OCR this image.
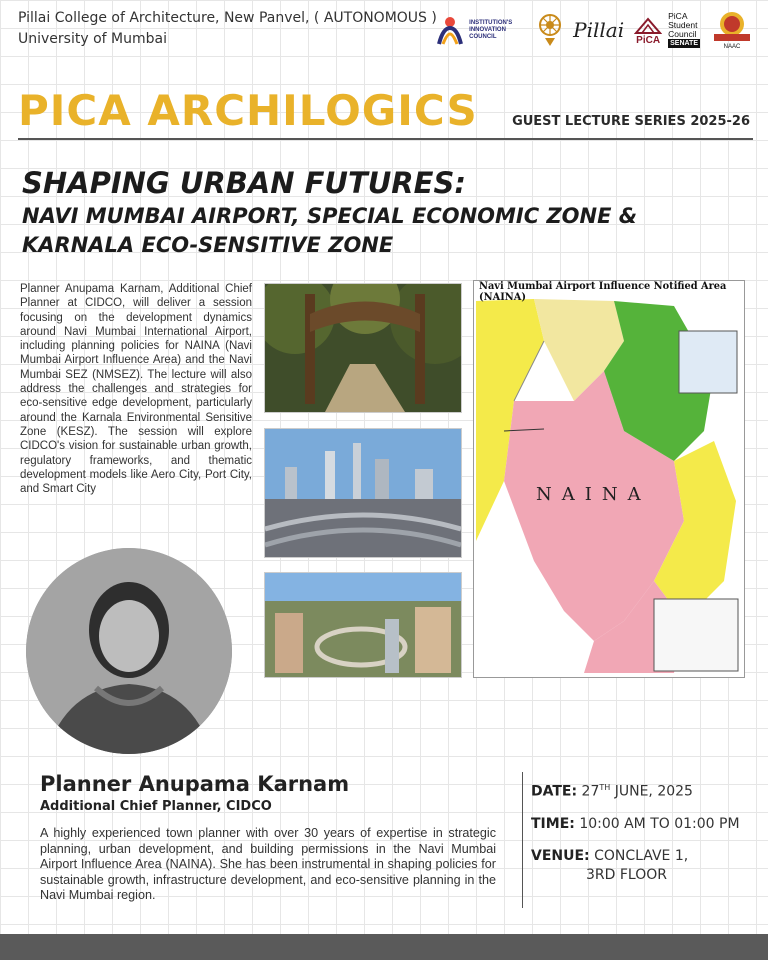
Pillai College of Architecture, New Panvel, ( AUTONOMOUS )
University of Mumbai
INSTITUTION'S INNOVATION COUNCIL	Pillai PiCA
PiCA
Student
Council
SENATE	NAAC
PICA ARCHILOGICS	GUEST LECTURE SERIES 2025-26
SHAPING URBAN FUTURES:
NAVI MUMBAI AIRPORT, SPECIAL ECONOMIC ZONE &
KARNALA ECO-SENSITIVE ZONE
Planner Anupama Karnam, Additional Chief Planner at CIDCO, will deliver a session focusing on the development dynamics around Navi Mumbai International Airport, including planning policies for NAINA (Navi Mumbai Airport Influence Area) and the Navi Mumbai SEZ (NMSEZ). The lecture will also address the challenges and strategies for eco-sensitive edge development, particularly around the Karnala Environmental Sensitive Zone (KESZ). The session will explore CIDCO's vision for sustainable urban growth, regulatory frameworks, and thematic development models like Aero City, Port City, and Smart City
Navi Mumbai Airport Influence Notified Area (NAINA)
NAINA
Planner Anupama Karnam
Additional Chief Planner, CIDCO
A highly experienced town planner with over 30 years of expertise in strategic planning, urban development, and building permissions in the Navi Mumbai Airport Influence Area (NAINA). She has been instrumental in shaping policies for sustainable growth, infrastructure development, and eco-sensitive planning in the Navi Mumbai region.
DATE: 27TH JUNE, 2025
TIME: 10:00 AM TO 01:00 PM
VENUE: CONCLAVE 1,
3RD FLOOR
